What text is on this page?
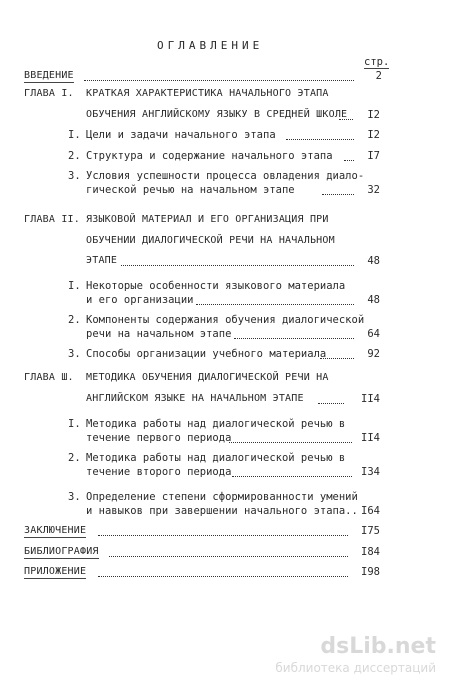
ОГЛАВЛЕНИЕ
стр.
ВВЕДЕНИЕ	2
ГЛАВА I. КРАТКАЯ ХАРАКТЕРИСТИКА НАЧАЛЬНОГО ЭТАПА
ОБУЧЕНИЯ АНГЛИЙСКОМУ ЯЗЫКУ В СРЕДНЕЙ ШКОЛЕ I2
I. Цели и задачи начального этапа	I2
2. Структура и содержание начального этапа	I7
3. Условия успешности процесса овладения диало-
гической речью на начальном этапе	32
ГЛАВА II. ЯЗЫКОВОЙ МАТЕРИАЛ И ЕГО ОРГАНИЗАЦИЯ ПРИ
ОБУЧЕНИИ ДИАЛОГИЧЕСКОЙ РЕЧИ НА НАЧАЛЬНОМ
ЭТАПЕ	48
I. Некоторые особенности языкового материала
и его организации	48
2. Компоненты содержания обучения диалогической
речи на начальном этапе	64
3. Способы организации учебного материала	92
ГЛАВА Ш. МЕТОДИКА ОБУЧЕНИЯ ДИАЛОГИЧЕСКОЙ РЕЧИ НА
АНГЛИЙСКОМ ЯЗЫКЕ НА НАЧАЛЬНОМ ЭТАПЕ	II4
I. Методика работы над диалогической речью в
течение первого периода	II4
2. Методика работы над диалогической речью в
течение второго периода	I34
3. Определение степени сформированности умений
и навыков при завершении начального этапа.. I64
ЗАКЛЮЧЕНИЕ	I75
БИБЛИОГРАФИЯ	I84
ПРИЛОЖЕНИЕ	I98
dsLib.net
библиотека диссертаций
